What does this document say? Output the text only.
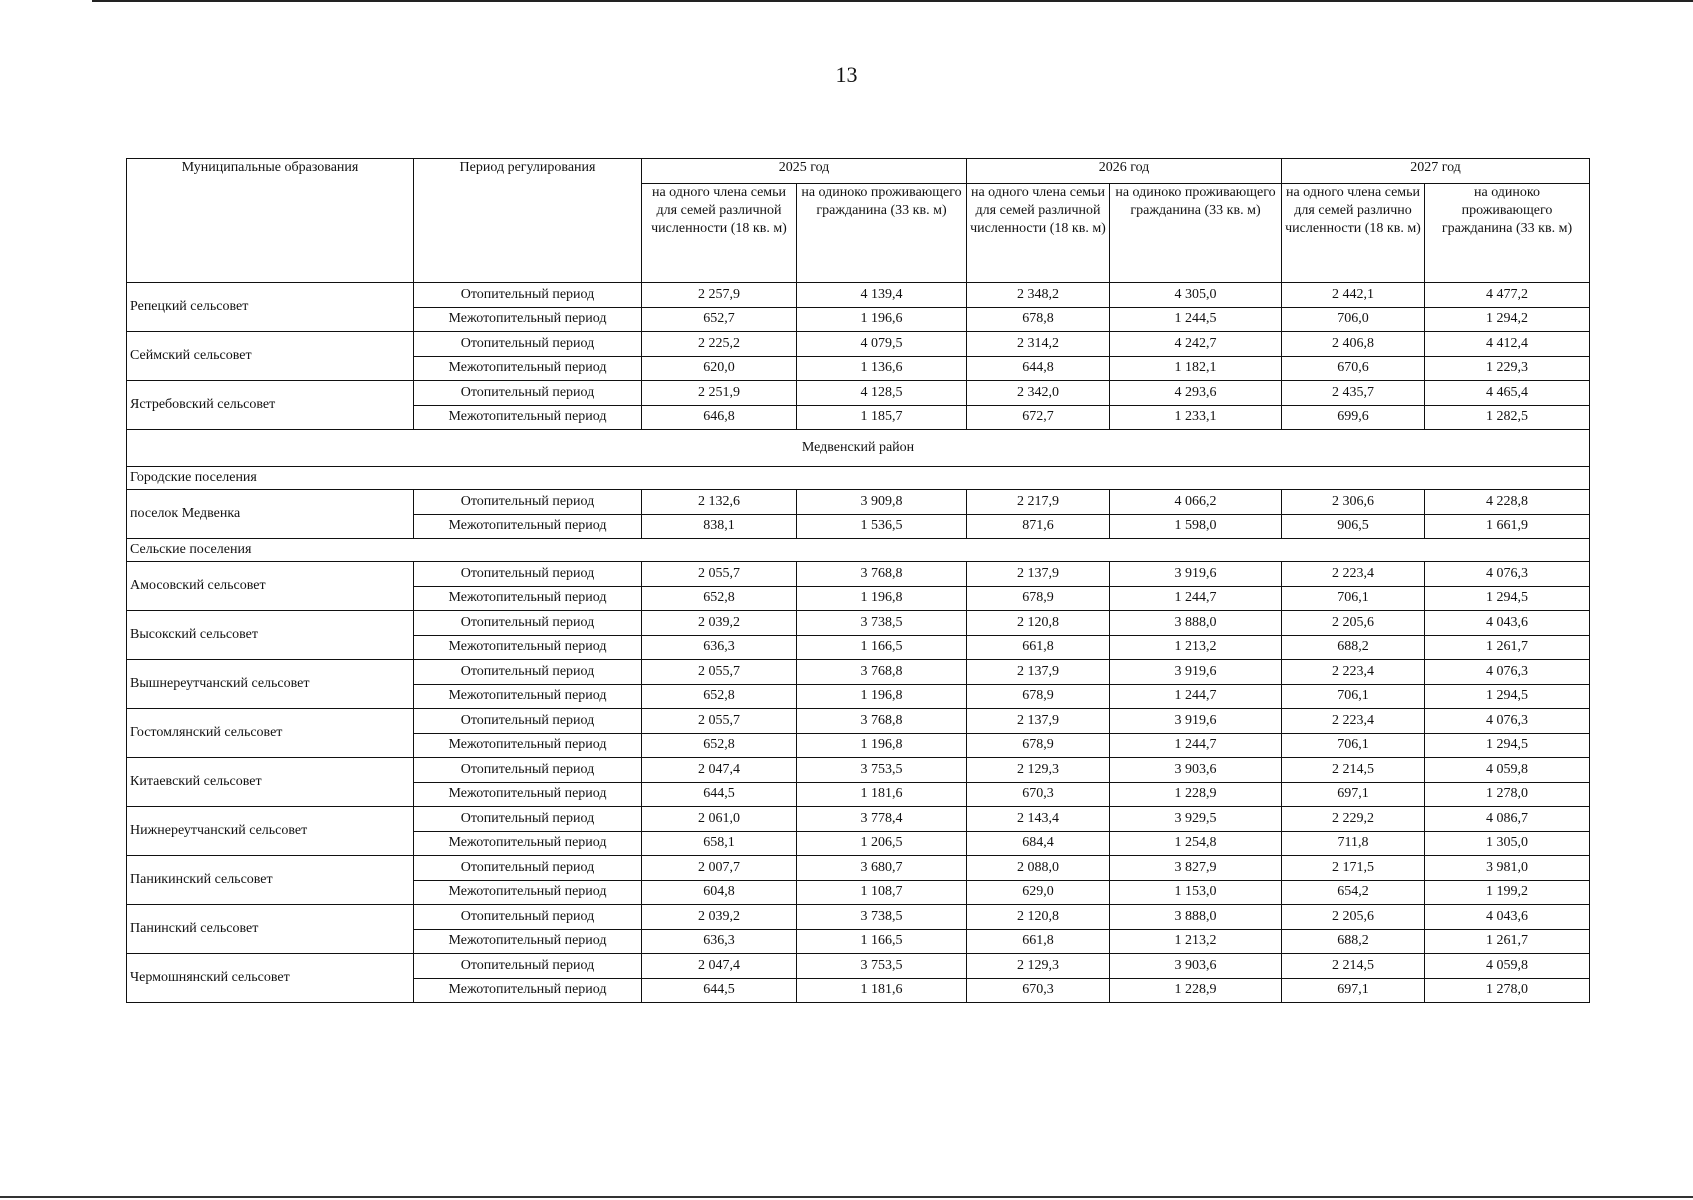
13
Муниципальные образования	Период регулирования	2025 год		2026 год		2027 год	
		на одного члена семьи для семей различной численности (18 кв. м)	на одиноко проживающего гражданина (33 кв. м)	на одного члена семьи для семей различной численности (18 кв. м)	на одиноко проживающего гражданина (33 кв. м)	на одного члена семьи для семей различно численности (18 кв. м)	на одиноко проживающего гражданина (33 кв. м)
Репецкий сельсовет	Отопительный период	2 257,9	4 139,4	2 348,2	4 305,0	2 442,1	4 477,2
	Межотопительный период	652,7	1 196,6	678,8	1 244,5	706,0	1 294,2
Сеймский сельсовет	Отопительный период	2 225,2	4 079,5	2 314,2	4 242,7	2 406,8	4 412,4
	Межотопительный период	620,0	1 136,6	644,8	1 182,1	670,6	1 229,3
Ястребовский сельсовет	Отопительный период	2 251,9	4 128,5	2 342,0	4 293,6	2 435,7	4 465,4
	Межотопительный период	646,8	1 185,7	672,7	1 233,1	699,6	1 282,5
Медвенский район							
Городские поселения							
поселок Медвенка	Отопительный период	2 132,6	3 909,8	2 217,9	4 066,2	2 306,6	4 228,8
	Межотопительный период	838,1	1 536,5	871,6	1 598,0	906,5	1 661,9
Сельские поселения							
Амосовский сельсовет	Отопительный период	2 055,7	3 768,8	2 137,9	3 919,6	2 223,4	4 076,3
	Межотопительный период	652,8	1 196,8	678,9	1 244,7	706,1	1 294,5
Высокский сельсовет	Отопительный период	2 039,2	3 738,5	2 120,8	3 888,0	2 205,6	4 043,6
	Межотопительный период	636,3	1 166,5	661,8	1 213,2	688,2	1 261,7
Вышнереутчанский сельсовет	Отопительный период	2 055,7	3 768,8	2 137,9	3 919,6	2 223,4	4 076,3
	Межотопительный период	652,8	1 196,8	678,9	1 244,7	706,1	1 294,5
Гостомлянский сельсовет	Отопительный период	2 055,7	3 768,8	2 137,9	3 919,6	2 223,4	4 076,3
	Межотопительный период	652,8	1 196,8	678,9	1 244,7	706,1	1 294,5
Китаевский сельсовет	Отопительный период	2 047,4	3 753,5	2 129,3	3 903,6	2 214,5	4 059,8
	Межотопительный период	644,5	1 181,6	670,3	1 228,9	697,1	1 278,0
Нижнереутчанский сельсовет	Отопительный период	2 061,0	3 778,4	2 143,4	3 929,5	2 229,2	4 086,7
	Межотопительный период	658,1	1 206,5	684,4	1 254,8	711,8	1 305,0
Паникинский сельсовет	Отопительный период	2 007,7	3 680,7	2 088,0	3 827,9	2 171,5	3 981,0
	Межотопительный период	604,8	1 108,7	629,0	1 153,0	654,2	1 199,2
Панинский сельсовет	Отопительный период	2 039,2	3 738,5	2 120,8	3 888,0	2 205,6	4 043,6
	Межотопительный период	636,3	1 166,5	661,8	1 213,2	688,2	1 261,7
Чермошнянский сельсовет	Отопительный период	2 047,4	3 753,5	2 129,3	3 903,6	2 214,5	4 059,8
	Межотопительный период	644,5	1 181,6	670,3	1 228,9	697,1	1 278,0
